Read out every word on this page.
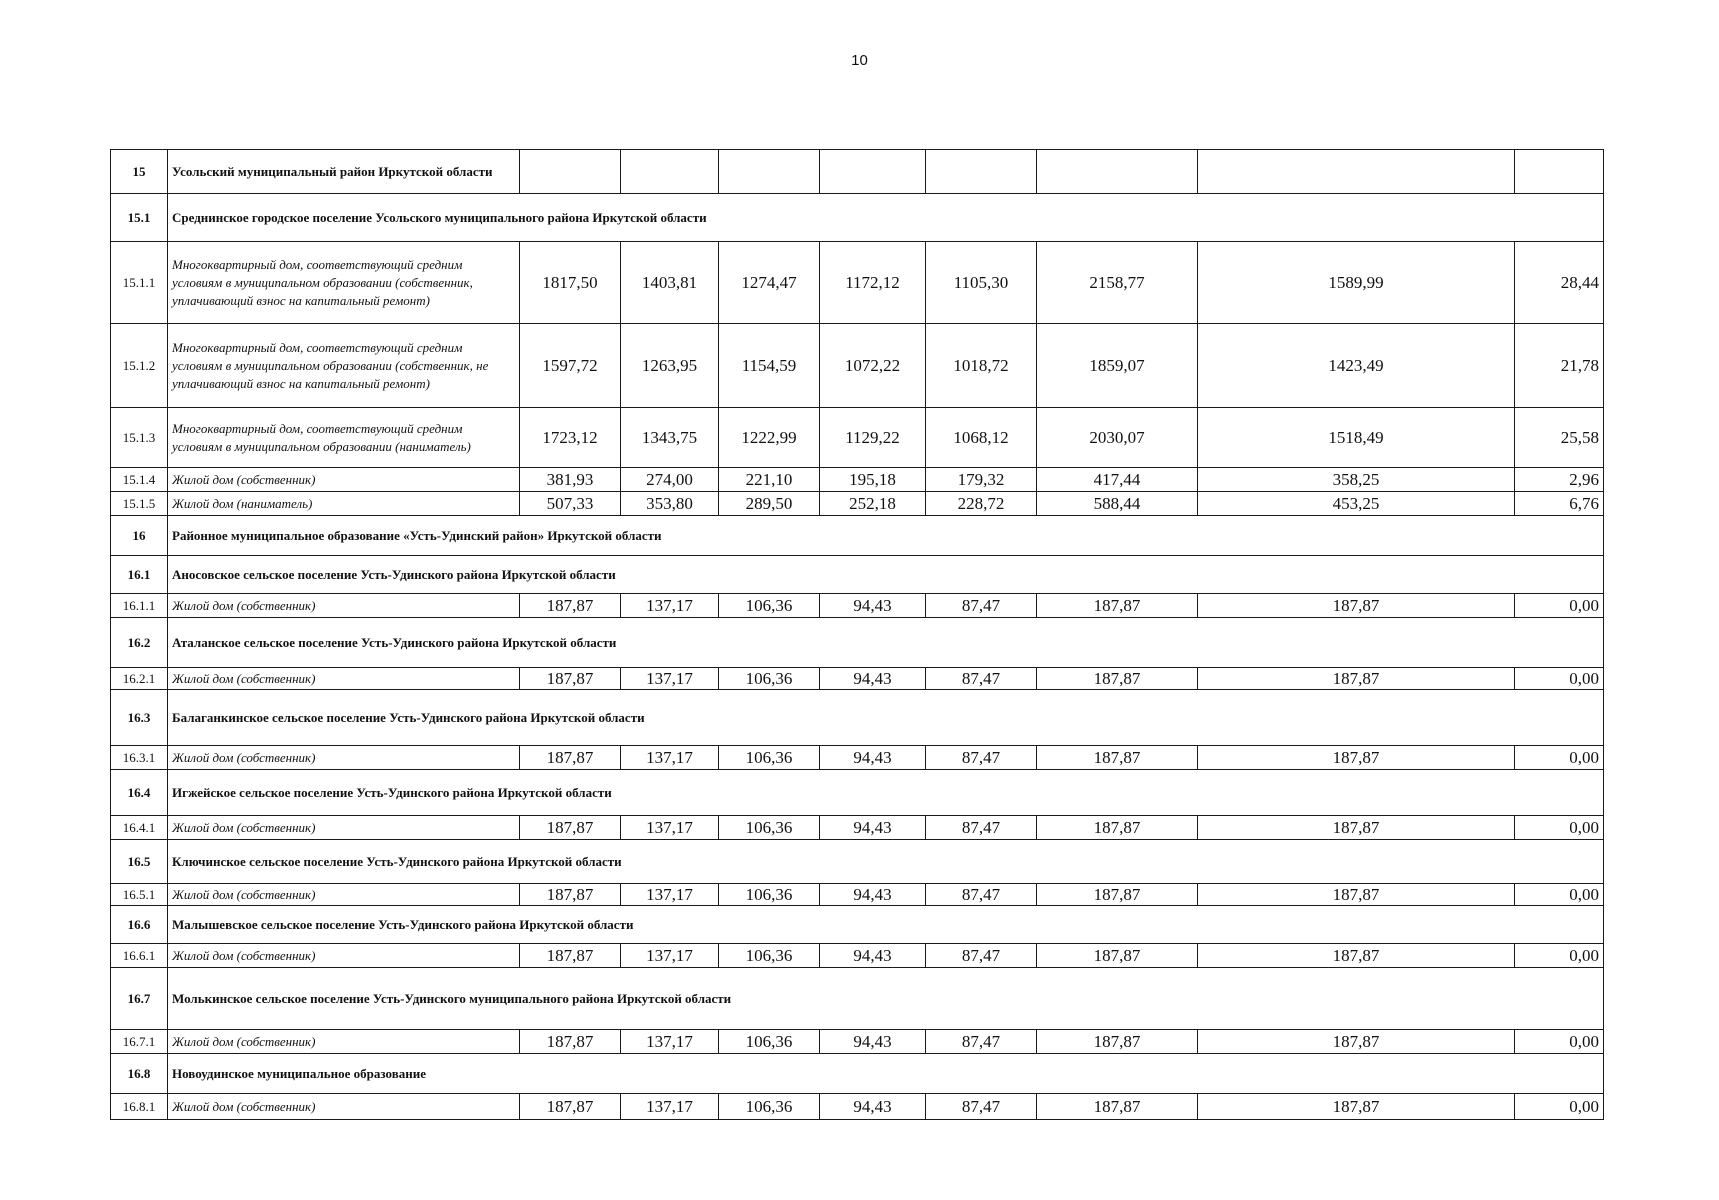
10
15	Усольский муниципальный район Иркутской области								
15.1	Среднинское городское поселение Усольского муниципального района Иркутской области								
15.1.1	Многоквартирный дом, соответствующий средним условиям в муниципальном образовании (собственник, уплачивающий взнос на капитальный ремонт)	1817,50	1403,81	1274,47	1172,12	1105,30	2158,77	1589,99	28,44
15.1.2	Многоквартирный дом, соответствующий средним условиям в муниципальном образовании (собственник, не уплачивающий взнос на капитальный ремонт)	1597,72	1263,95	1154,59	1072,22	1018,72	1859,07	1423,49	21,78
15.1.3	Многоквартирный дом, соответствующий средним условиям в муниципальном образовании (наниматель)	1723,12	1343,75	1222,99	1129,22	1068,12	2030,07	1518,49	25,58
15.1.4	Жилой дом (собственник)	381,93	274,00	221,10	195,18	179,32	417,44	358,25	2,96
15.1.5	Жилой дом (наниматель)	507,33	353,80	289,50	252,18	228,72	588,44	453,25	6,76
16	Районное муниципальное образование «Усть-Удинский район» Иркутской области								
16.1	Аносовское сельское поселение Усть-Удинского района Иркутской области								
16.1.1	Жилой дом (собственник)	187,87	137,17	106,36	94,43	87,47	187,87	187,87	0,00
16.2	Аталанское сельское поселение Усть-Удинского района Иркутской области								
16.2.1	Жилой дом (собственник)	187,87	137,17	106,36	94,43	87,47	187,87	187,87	0,00
16.3	Балаганкинское сельское поселение Усть-Удинского района Иркутской области								
16.3.1	Жилой дом (собственник)	187,87	137,17	106,36	94,43	87,47	187,87	187,87	0,00
16.4	Игжейское сельское поселение Усть-Удинского района Иркутской области								
16.4.1	Жилой дом (собственник)	187,87	137,17	106,36	94,43	87,47	187,87	187,87	0,00
16.5	Ключинское сельское поселение Усть-Удинского района Иркутской области								
16.5.1	Жилой дом (собственник)	187,87	137,17	106,36	94,43	87,47	187,87	187,87	0,00
16.6	Малышевское сельское поселение Усть-Удинского района Иркутской области								
16.6.1	Жилой дом (собственник)	187,87	137,17	106,36	94,43	87,47	187,87	187,87	0,00
16.7	Молькинское сельское поселение Усть-Удинского муниципального района Иркутской области								
16.7.1	Жилой дом (собственник)	187,87	137,17	106,36	94,43	87,47	187,87	187,87	0,00
16.8	Новоудинское муниципальное образование								
16.8.1	Жилой дом (собственник)	187,87	137,17	106,36	94,43	87,47	187,87	187,87	0,00
